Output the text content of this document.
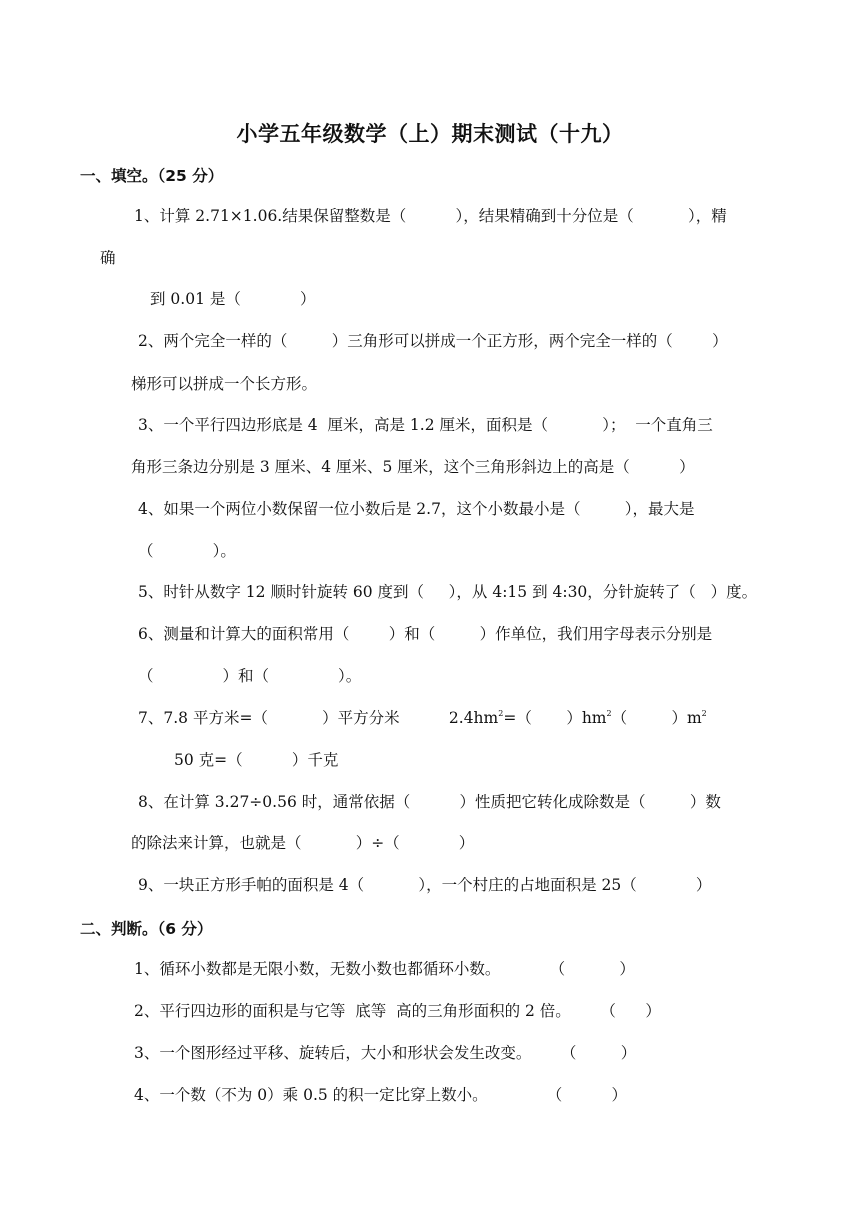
小学五年级数学（上）期末测试（十九）
一、填空。（25 分）
1、计算 2.71×1.06.结果保留整数是（          ），结果精确到十分位是（           ），精
确
到 0.01 是（            ）
2、两个完全一样的（         ）三角形可以拼成一个正方形，两个完全一样的（        ）
梯形可以拼成一个长方形。
3、一个平行四边形底是 4  厘米，高是 1.2 厘米，面积是（           ）；  一个直角三
角形三条边分别是 3 厘米、4 厘米、5 厘米，这个三角形斜边上的高是（          ）
4、如果一个两位小数保留一位小数后是 2.7，这个小数最小是（         ），最大是
（            ）。
5、时针从数字 12 顺时针旋转 60 度到（     ），从 4:15 到 4:30，分针旋转了（   ）度。
6、测量和计算大的面积常用（        ）和（         ）作单位，我们用字母表示分别是
（              ）和（              ）。
7、7.8 平方米=（           ）平方分米	$2.4hm^2=$（       ）$hm^2$（         ）$m^2$
50 克=（          ）千克
8、在计算 3.27÷0.56 时，通常依据（          ）性质把它转化成除数是（         ）数
的除法来计算，也就是（           ）÷（            ）
9、一块正方形手帕的面积是 4（           ），一个村庄的占地面积是 25（            ）
二、判断。（6 分）
1、循环小数都是无限小数，无数小数也都循环小数。          （           ）
2、平行四边形的面积是与它等  底等  高的三角形面积的 2 倍。      （      ）
3、一个图形经过平移、旋转后，大小和形状会发生改变。      （         ）
4、一个数（不为 0）乘 0.5 的积一定比穿上数小。            （          ）
